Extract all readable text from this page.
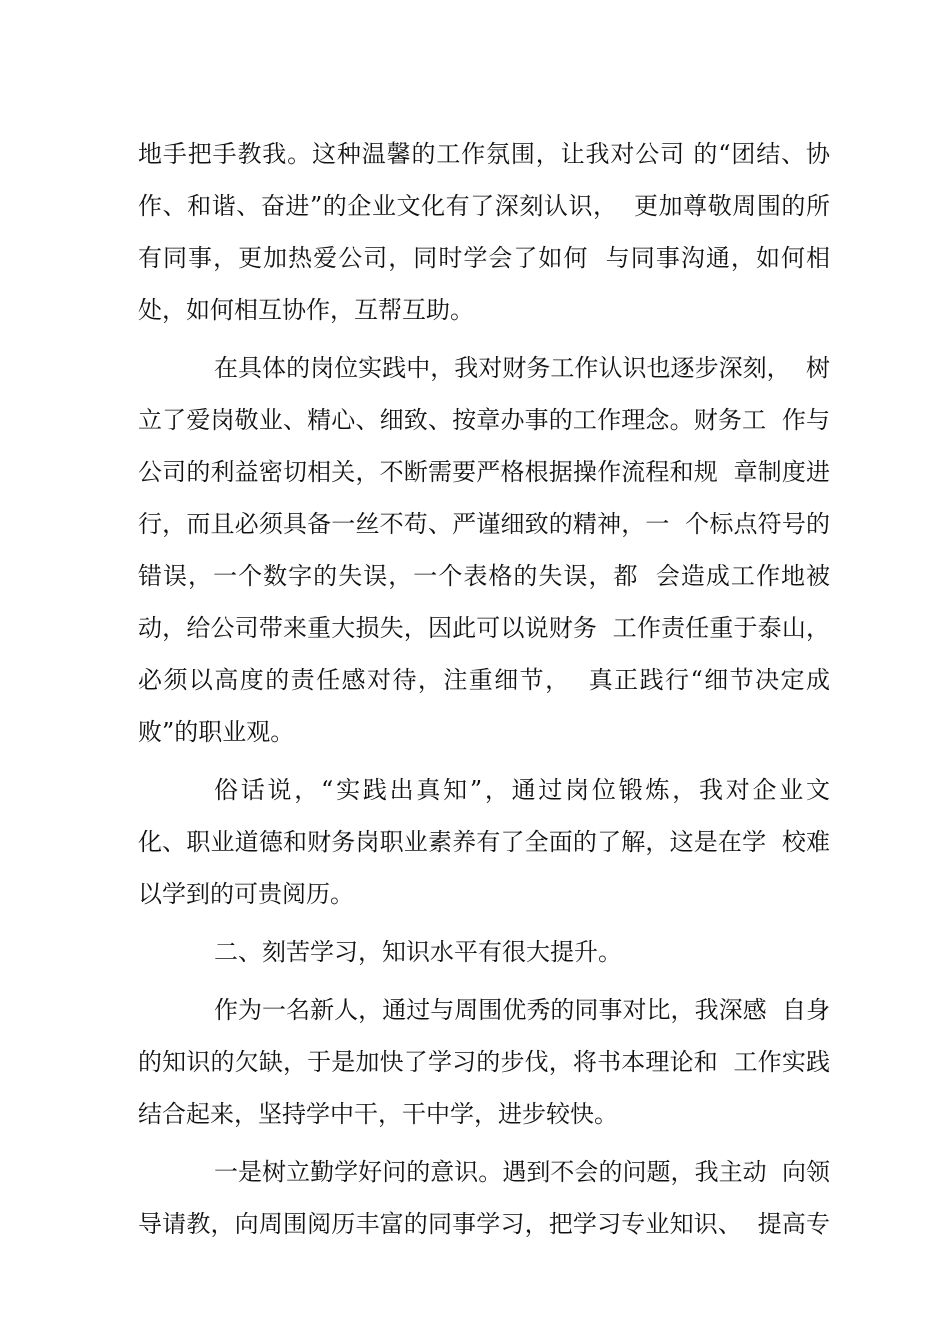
地手把手教我。这种温馨的工作氛围，让我对公司 的“团结、协
作、和谐、奋进”的企业文化有了深刻认识，  更加尊敬周围的所
有同事，更加热爱公司，同时学会了如何  与同事沟通，如何相
处，如何相互协作，互帮互助。
在具体的岗位实践中，我对财务工作认识也逐步深刻，  树
立了爱岗敬业、精心、细致、按章办事的工作理念。财务工  作与
公司的利益密切相关，不断需要严格根据操作流程和规  章制度进
行，而且必须具备一丝不苟、严谨细致的精神，一  个标点符号的
错误，一个数字的失误，一个表格的失误，都  会造成工作地被
动，给公司带来重大损失，因此可以说财务  工作责任重于泰山，
必须以高度的责任感对待，注重细节，  真正践行“细节决定成
败”的职业观。
俗话说，“实践出真知”，通过岗位锻炼，我对企业文
化、职业道德和财务岗职业素养有了全面的了解，这是在学  校难
以学到的可贵阅历。
二、刻苦学习，知识水平有很大提升。
作为一名新人，通过与周围优秀的同事对比，我深感  自身
的知识的欠缺，于是加快了学习的步伐，将书本理论和  工作实践
结合起来，坚持学中干，干中学，进步较快。
一是树立勤学好问的意识。遇到不会的问题，我主动  向领
导请教，向周围阅历丰富的同事学习，把学习专业知识、  提高专
